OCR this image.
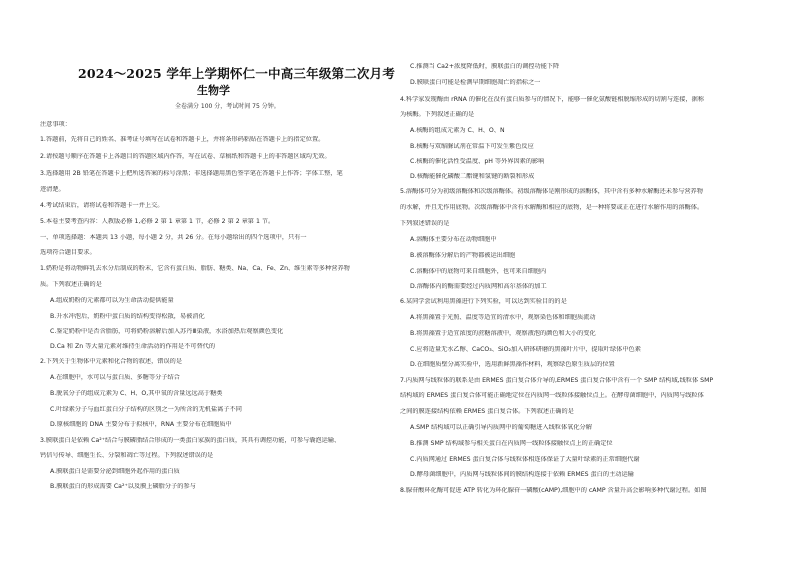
2024～2025 学年上学期怀仁一中高三年级第二次月考
生物学
全卷满分 100 分，考试时间 75 分钟。
注意事项：
1.答题前，先将自己的姓名、准考证号填写在试卷和答题卡上，并将条形码粘贴在答题卡上的指定位置。
2.请按题号顺序在答题卡上各题目的答题区域内作答，写在试卷、草稿纸和答题卡上的非答题区域均无效。
3.选择题用 2B 铅笔在答题卡上把所选答案的标号涂黑；非选择题用黑色签字笔在答题卡上作答；字体工整，笔
迹清楚。
4.考试结束后，请将试卷和答题卡一并上交。
5.本卷主要考查内容：人教版必修 1,必修 2 第 1 章第 1 节，必修 2 第 2 章第 1 节。
一、单项选择题：本题共 13 小题，每小题 2 分，共 26 分。在每小题给出的四个选项中，只有一
选项符合题目要求。
1.奶粉是将动物鲜乳去水分后制成的粉末，它含有蛋白质、脂肪、糖类、Na、Ca、Fe、Zn、维生素等多种营养物
质。下列叙述正确的是
A.组成奶粉的元素都可以为生命活动提供能量
B.升水冲泡后，奶粉中蛋白质的结构变得松散，易被消化
C.鉴定奶粉中是否含脂肪，可将奶粉溶解后加入苏丹Ⅲ染液，水浴加热后观察颜色变化
D.Ca 和 Zn 等大量元素对维持生命活动的作用是不可替代的
2.下列关于生物体中元素和化合物的叙述，错误的是
A.在细胞中，水可以与蛋白质、多糖等分子结合
B.脱氧分子的组成元素为 C、H、O,其中氧的含量远远高于糖类
C.叶绿素分子与血红蛋白分子结构的区别之一为所含的无机盐离子不同
D.原核细胞的 DNA 主要分布于拟核中，RNA 主要分布在细胞质中
3.膜联蛋白是依赖 Ca²⁺结合与膜磷脂结合形成的一类蛋白家族的蛋白质，其具有调控功能，可参与囊泡运输、
钙信号传导、细胞生长、分裂和凋亡等过程。下列叙述错误的是
A.膜联蛋白是需要分泌到细胞外起作用的蛋白质
B.膜联蛋白的形成需要 Ca²⁺以及膜上磷脂分子的参与
C.推测当 Ca2+浓度降低时，膜联蛋白的调控功能下降
D.膜联蛋白可能是检测早期细胞凋亡的指标之一
4.科学家发现酶由 rRNA 的催化在没有蛋白质参与的情况下，能够一催化氨酸链相脱缩形成的切割与连接，据称
为核酶。下列叙述正确的是
A.核酶的组成元素为 C、H、O、N
B.核酶与双缩脲试剂在常温下可发生紫色反应
C.核酶的催化活性受温度、pH 等外界因素的影响
D.核酶能催化磷酸二酯键和氢键的断裂和形成
5.溶酶体可分为初级溶酶体和次级溶酶体。初级溶酶体是刚形成的溶酶体，其中含有多种水解酶还未参与营养物
的水解，并且无作用底物。次级溶酶体中含有水解酶和相应的底物，是一种将要或正在进行水解作用的溶酶体。
下列叙述错误的是
A.溶酶体主要分布在动物细胞中
B.被溶酶体分解后的产物都被运出细胞
C.溶酶体中的底物可来自细胞外，也可来自细胞内
D.溶酶体内的酶需要经过内质网和高尔基体的加工
6.某同学尝试利用黑藻进行下列实验，可以达到实验目的的是
A.将黑藻置于光照、温度等适宜的清水中，观察染色体和细胞质流动
B.将黑藻置于适宜浓度的蔗糖溶液中，观察液泡的颜色和大小的变化
C.应将适量无水乙醇、CaCO₃、SiO₂加入研钵研磨的黑藻叶片中，提取叶绿体中色素
D.在细胞质壁分离实验中，选用新鲜黑藻作材料，观察绿色原生质层的位置
7.内质网与线粒体的联系是由 ERMES 蛋白复合体介导的,ERMES 蛋白复合体中含有一个 SMP 结构域,线粒体 SMP
结构域的 ERMES 蛋白复合体可能正确地定位在内质网一线粒体接触位点上。在酵母菌细胞中，内质网与线粒体
之间的膜连接结构依赖 ERMES 蛋白复合体。下列叙述正确的是
A.SMP 结构域可以正确引导内质网中的葡萄糖进入线粒体氧化分解
B.推测 SMP 结构域参与相关蛋白在内质网一线粒体接触位点上的正确定位
C.内质网通过 ERMES 蛋白复合体与线粒体相连体保证了大量叶绿素的正常细胞代谢
D.酵母菌细胞中，内质网与线粒体间的膜结构连接于依赖 ERMES 蛋白的主动运输
8.腺苷酸环化酶可促进 ATP 转化为环化腺苷一磷酸(cAMP),细胞中的 cAMP 含量升高会影响多种代谢过程。如图
